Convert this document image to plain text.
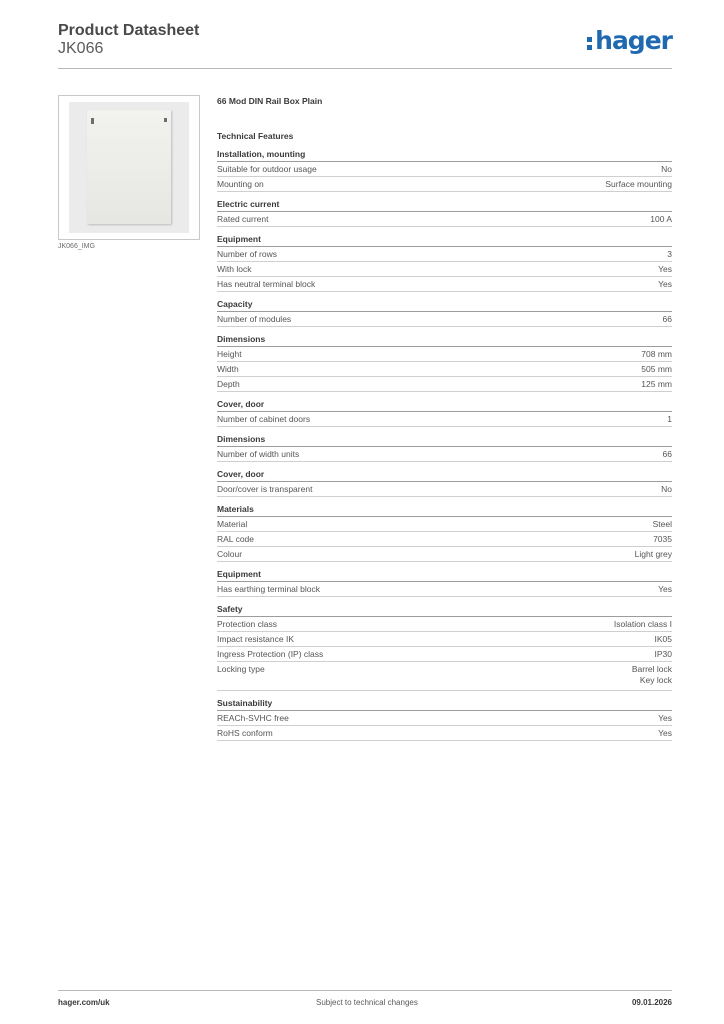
Product Datasheet
JK066	hager
JK066_IMG
66 Mod DIN Rail Box Plain
Technical Features
Installation, mounting
Suitable for outdoor usage	No
Mounting on	Surface mounting
Electric current
Rated current	100 A
Equipment
Number of rows	3
With lock	Yes
Has neutral terminal block	Yes
Capacity
Number of modules	66
Dimensions
Height	708 mm
Width	505 mm
Depth	125 mm
Cover, door
Number of cabinet doors	1
Dimensions
Number of width units	66
Cover, door
Door/cover is transparent	No
Materials
Material	Steel
RAL code	7035
Colour	Light grey
Equipment
Has earthing terminal block	Yes
Safety
Protection class	Isolation class I
Impact resistance IK	IK05
Ingress Protection (IP) class	IP30
Locking type	Barrel lock
Key lock
Sustainability
REACh-SVHC free	Yes
RoHS conform	Yes
hager.com/uk	Subject to technical changes	09.01.2026
